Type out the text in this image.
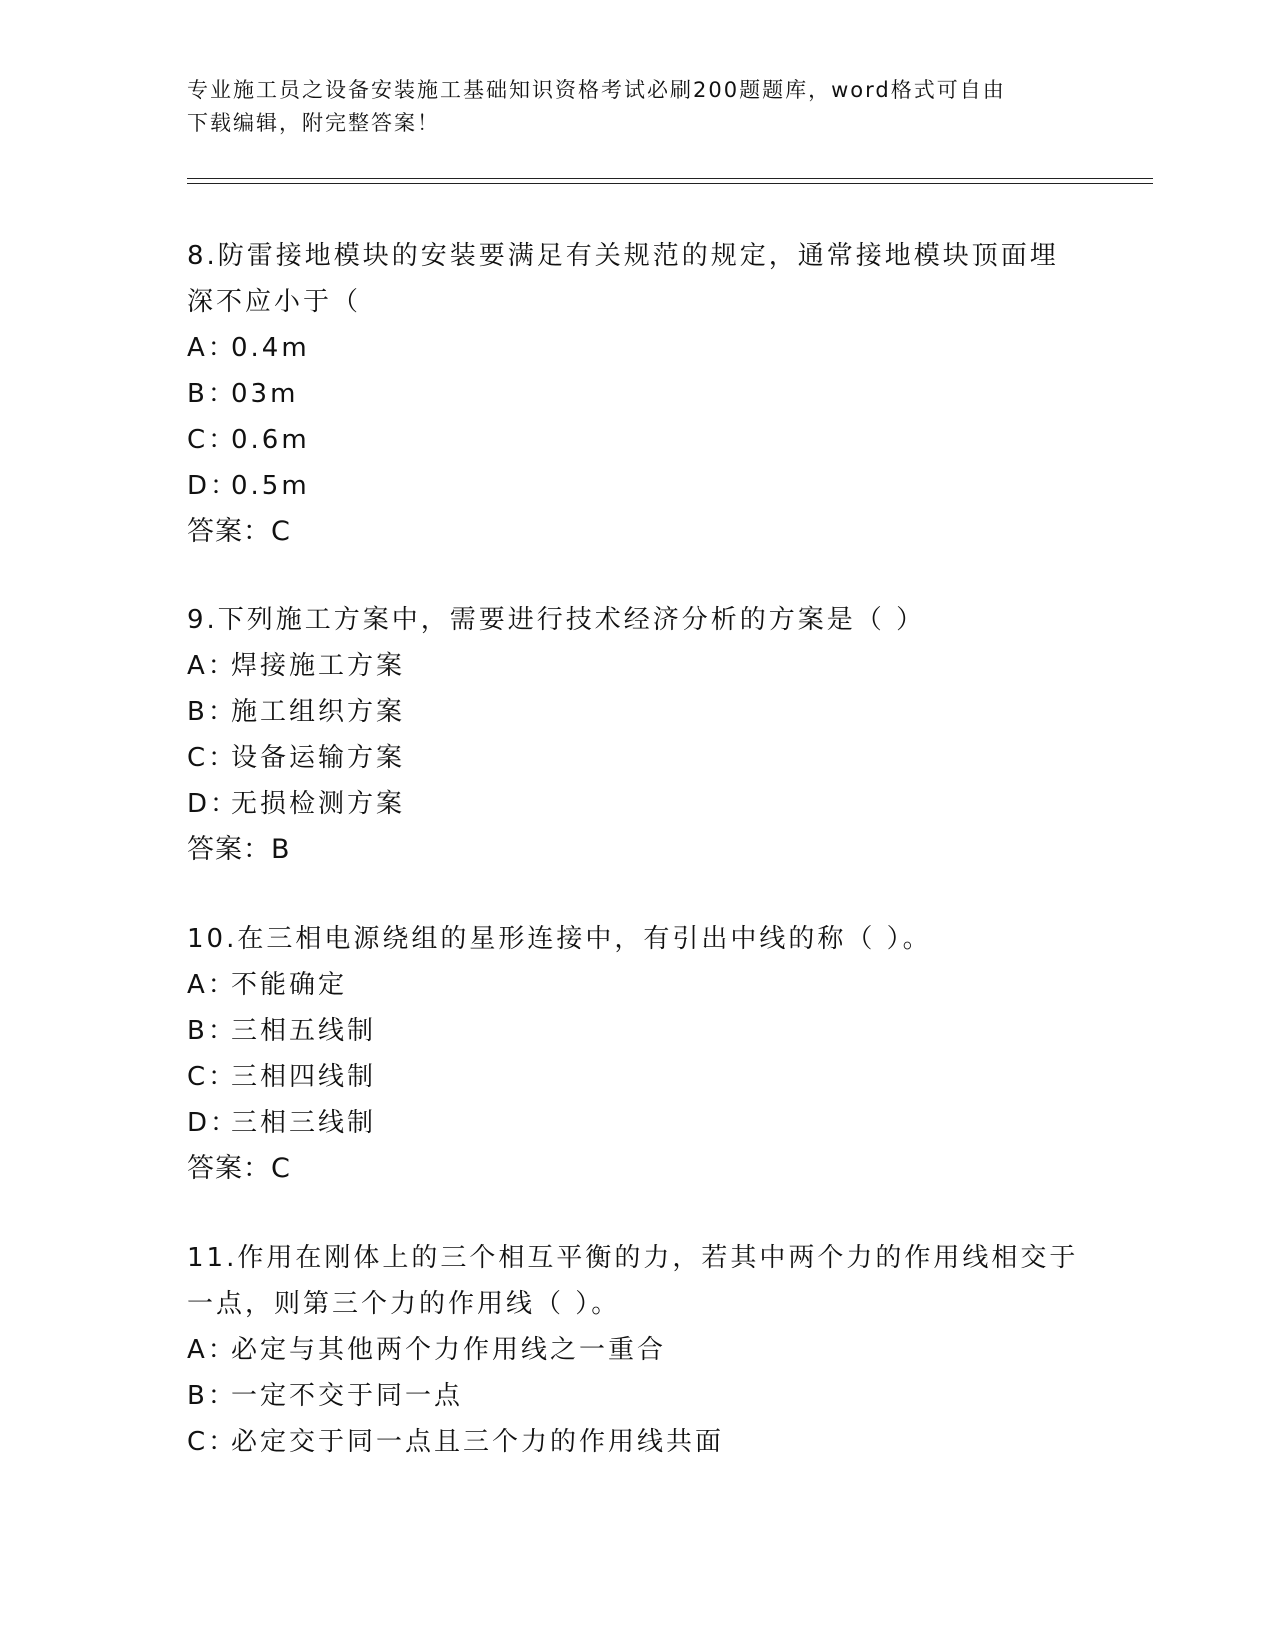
专业施工员之设备安装施工基础知识资格考试必刷200题题库，word格式可自由
下载编辑，附完整答案！

8.防雷接地模块的安装要满足有关规范的规定，通常接地模块顶面埋
深不应小于（

A：0.4m

B：03m

C：0.6m

D：0.5m

答案：C

9.下列施工方案中，需要进行技术经济分析的方案是（ ）

A：焊接施工方案

B：施工组织方案

C：设备运输方案

D：无损检测方案

答案：B

10.在三相电源绕组的星形连接中，有引出中线的称（ ）。

A：不能确定

B：三相五线制

C：三相四线制

D：三相三线制

答案：C

11.作用在刚体上的三个相互平衡的力，若其中两个力的作用线相交于
一点，则第三个力的作用线（ ）。

A：必定与其他两个力作用线之一重合

B：一定不交于同一点

C：必定交于同一点且三个力的作用线共面
